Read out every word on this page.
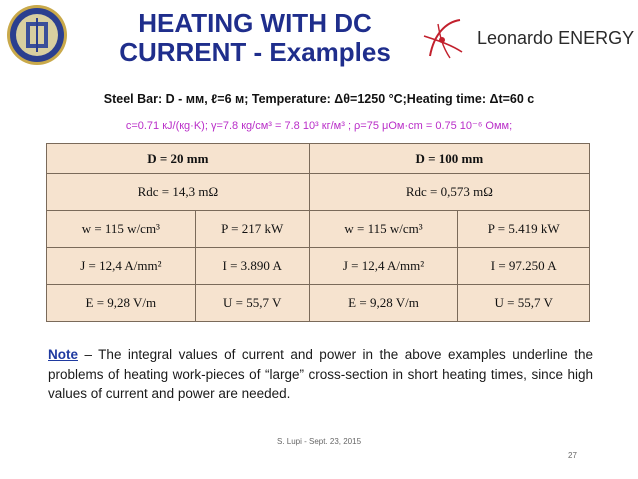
HEATING WITH DC
CURRENT - Examples	Leonardo ENERGY
Steel Bar: D - мм, ℓ=6 м; Temperature: Δθ=1250 °C;Heating time: Δt=60 c
c=0.71 кJ/(кg·K); γ=7.8 кg/см³ = 7.8 10³ кг/м³ ; ρ=75 μОм·cm = 0.75 10⁻⁶ Омм;
D = 20 mm		D = 100 mm	
Rdc = 14,3 mΩ		Rdc = 0,573 mΩ	
w = 115 w/cm³	P = 217 kW	w = 115 w/cm³	P = 5.419 kW
J = 12,4 A/mm²	I = 3.890 A	J = 12,4 A/mm²	I = 97.250 A
E = 9,28 V/m	U = 55,7 V	E = 9,28 V/m	U = 55,7 V

Note – The integral values of current and power in the above examples underline the problems of heating work-pieces of “large” cross-section in short heating times, since high values of current and power are needed.

S. Lupi - Sept. 23, 2015
27
